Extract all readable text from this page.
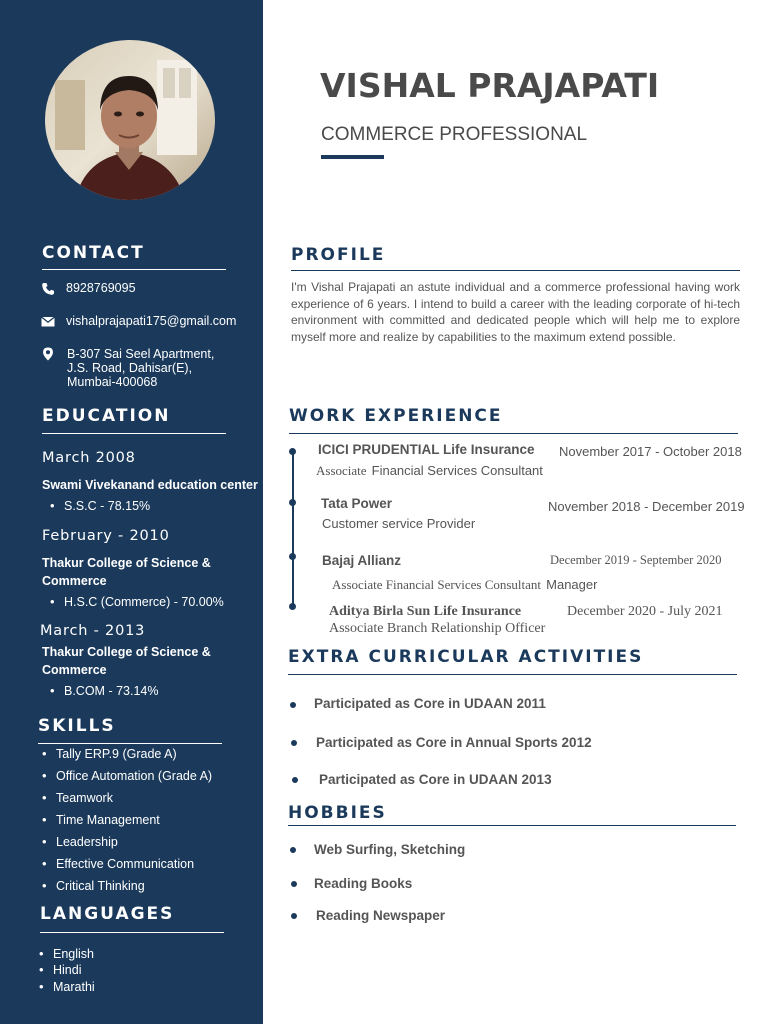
CONTACT
8928769095
vishalprajapati175@gmail.com
B-307 Sai Seel Apartment,
J.S. Road, Dahisar(E),
Mumbai-400068
EDUCATION
March 2008
Swami Vivekanand education center
• S.S.C - 78.15%
February - 2010
Thakur College of Science & Commerce
• H.S.C (Commerce) - 70.00%
March - 2013
Thakur College of Science & Commerce
• B.COM - 73.14%
SKILLS
• Tally ERP.9 (Grade A)
• Office Automation (Grade A)
• Teamwork
• Time Management
• Leadership
• Effective Communication
• Critical Thinking
LANGUAGES
• English
• Hindi
• Marathi
VISHAL PRAJAPATI
COMMERCE PROFESSIONAL
PROFILE
I'm Vishal Prajapati an astute individual and a commerce professional having work experience of 6 years. I intend to build a career with the leading corporate of hi-tech environment with committed and dedicated people which will help me to explore myself more and realize by capabilities to the maximum extend possible.
WORK EXPERIENCE
ICICI PRUDENTIAL Life Insurance November 2017 - October 2018
Associate Financial Services Consultant
Tata Power	November 2018 - December 2019
Customer service Provider
Bajaj Allianz	December 2019 - September 2020
Associate Financial Services Consultant Manager
Aditya Birla Sun Life Insurance	December 2020 - July 2021
Associate Branch Relationship Officer
EXTRA CURRICULAR ACTIVITIES
Participated as Core in UDAAN 2011
Participated as Core in Annual Sports 2012
Participated as Core in UDAAN 2013
HOBBIES
Web Surfing, Sketching
Reading Books
Reading Newspaper
